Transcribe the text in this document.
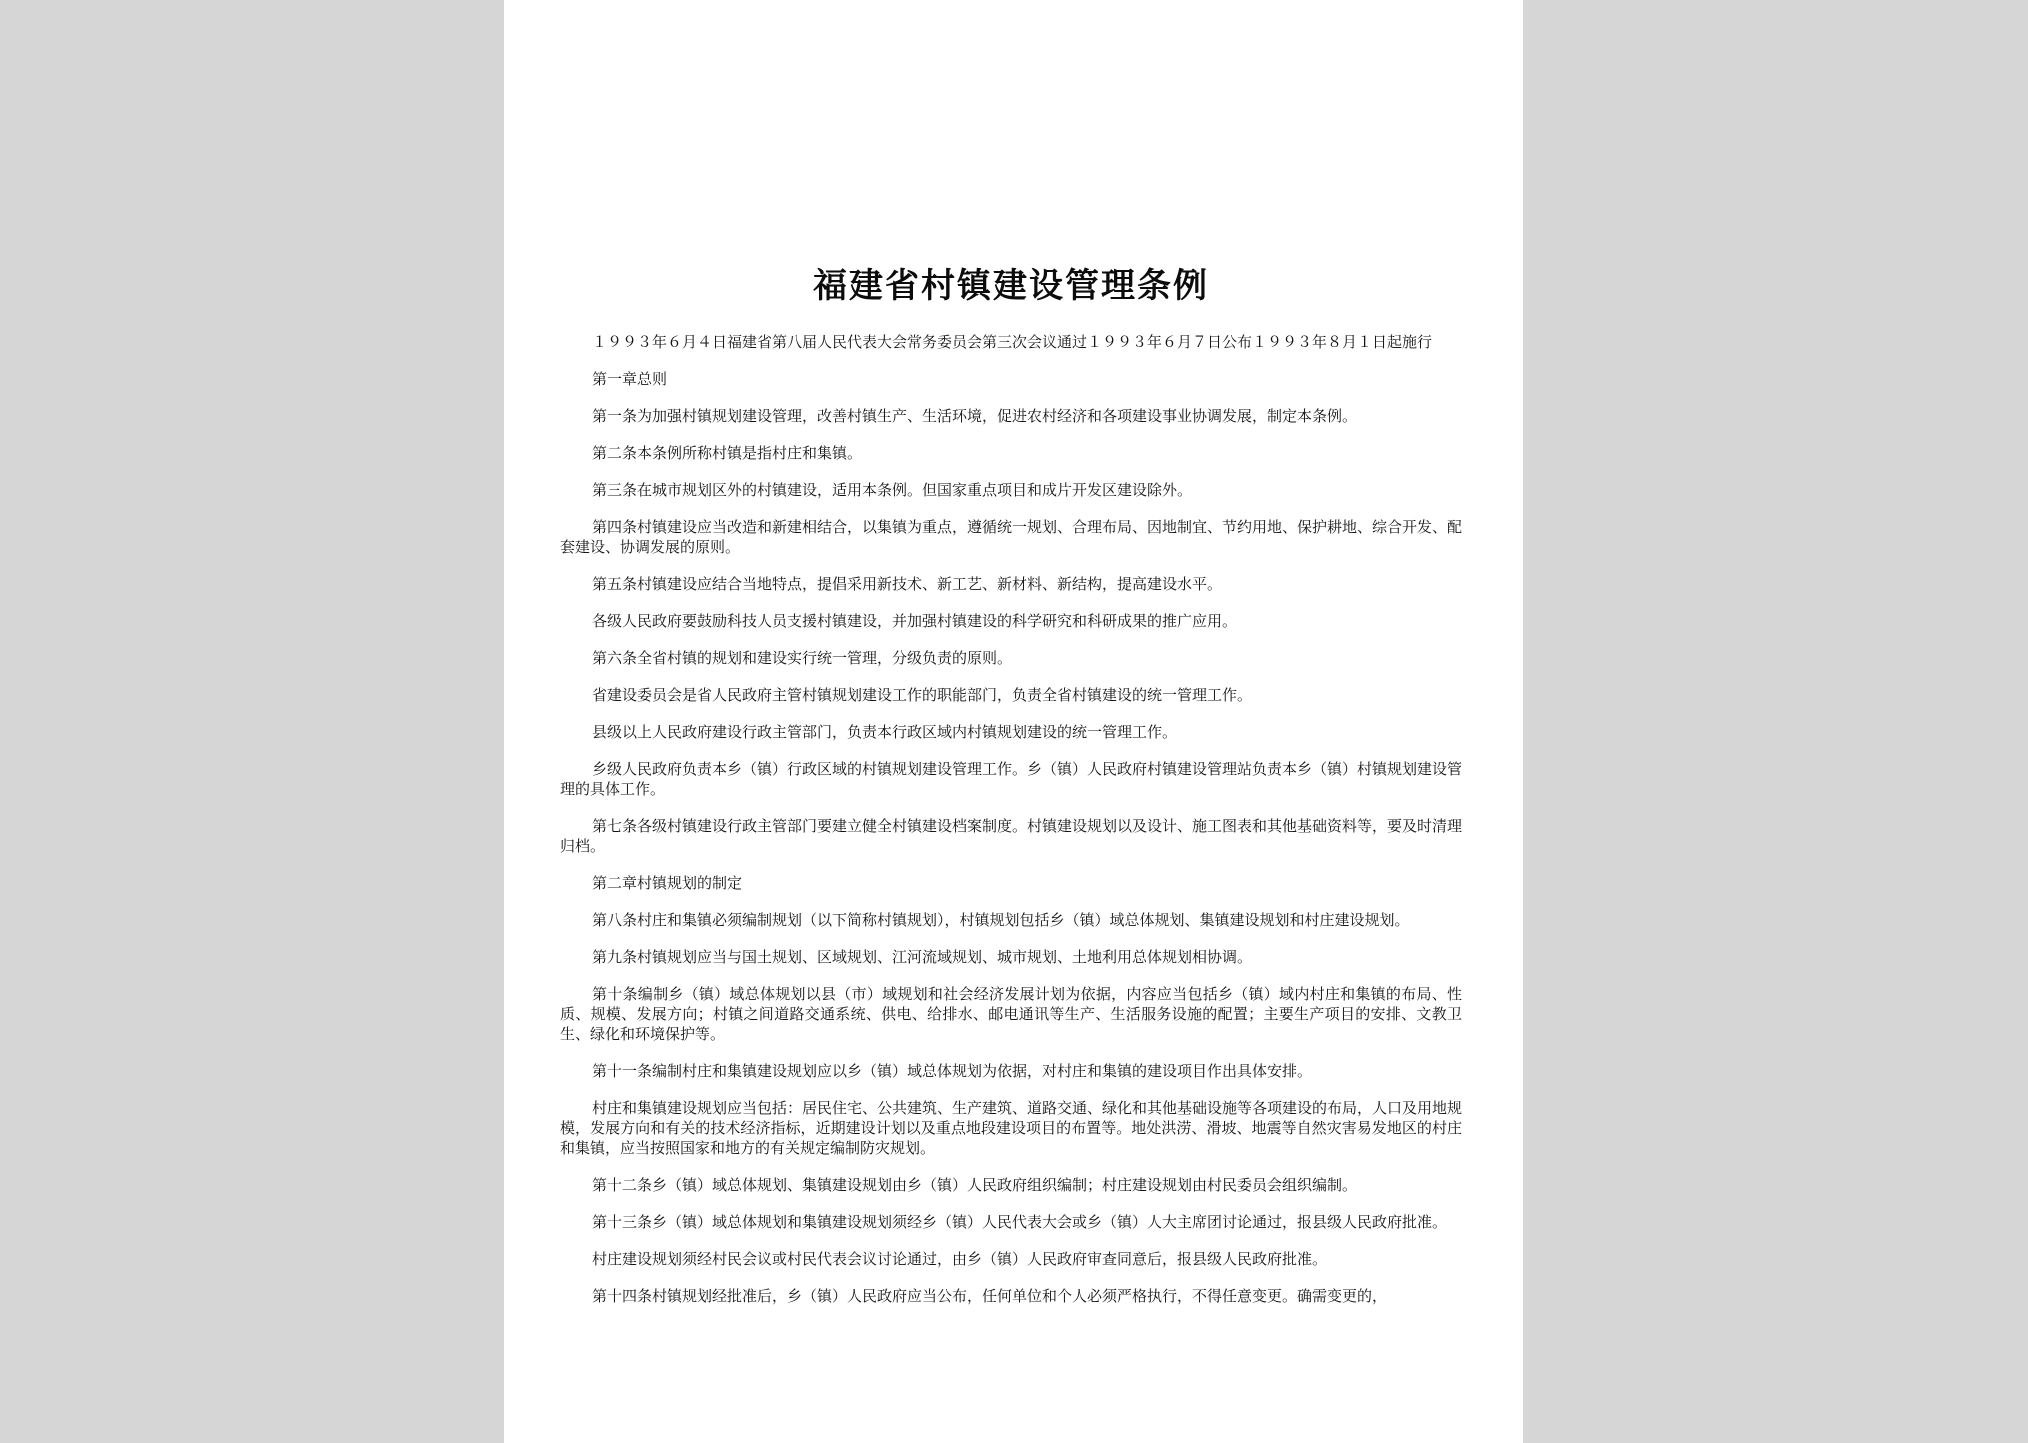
福建省村镇建设管理条例

１９９３年６月４日福建省第八届人民代表大会常务委员会第三次会议通过１９９３年６月７日公布１９９３年８月１日起施行

第一章总则

第一条为加强村镇规划建设管理，改善村镇生产、生活环境，促进农村经济和各项建设事业协调发展，制定本条例。

第二条本条例所称村镇是指村庄和集镇。

第三条在城市规划区外的村镇建设，适用本条例。但国家重点项目和成片开发区建设除外。

第四条村镇建设应当改造和新建相结合，以集镇为重点，遵循统一规划、合理布局、因地制宜、节约用地、保护耕地、综合开发、配套建设、协调发展的原则。

第五条村镇建设应结合当地特点，提倡采用新技术、新工艺、新材料、新结构，提高建设水平。

各级人民政府要鼓励科技人员支援村镇建设，并加强村镇建设的科学研究和科研成果的推广应用。

第六条全省村镇的规划和建设实行统一管理，分级负责的原则。

省建设委员会是省人民政府主管村镇规划建设工作的职能部门，负责全省村镇建设的统一管理工作。

县级以上人民政府建设行政主管部门，负责本行政区域内村镇规划建设的统一管理工作。

乡级人民政府负责本乡（镇）行政区域的村镇规划建设管理工作。乡（镇）人民政府村镇建设管理站负责本乡（镇）村镇规划建设管理的具体工作。

第七条各级村镇建设行政主管部门要建立健全村镇建设档案制度。村镇建设规划以及设计、施工图表和其他基础资料等，要及时清理归档。

第二章村镇规划的制定

第八条村庄和集镇必须编制规划（以下简称村镇规划），村镇规划包括乡（镇）域总体规划、集镇建设规划和村庄建设规划。

第九条村镇规划应当与国土规划、区域规划、江河流域规划、城市规划、土地利用总体规划相协调。

第十条编制乡（镇）域总体规划以县（市）域规划和社会经济发展计划为依据，内容应当包括乡（镇）域内村庄和集镇的布局、性质、规模、发展方向；村镇之间道路交通系统、供电、给排水、邮电通讯等生产、生活服务设施的配置；主要生产项目的安排、文教卫生、绿化和环境保护等。

第十一条编制村庄和集镇建设规划应以乡（镇）域总体规划为依据，对村庄和集镇的建设项目作出具体安排。

村庄和集镇建设规划应当包括：居民住宅、公共建筑、生产建筑、道路交通、绿化和其他基础设施等各项建设的布局，人口及用地规模，发展方向和有关的技术经济指标，近期建设计划以及重点地段建设项目的布置等。地处洪涝、滑坡、地震等自然灾害易发地区的村庄和集镇，应当按照国家和地方的有关规定编制防灾规划。

第十二条乡（镇）域总体规划、集镇建设规划由乡（镇）人民政府组织编制；村庄建设规划由村民委员会组织编制。

第十三条乡（镇）域总体规划和集镇建设规划须经乡（镇）人民代表大会或乡（镇）人大主席团讨论通过，报县级人民政府批准。

村庄建设规划须经村民会议或村民代表会议讨论通过，由乡（镇）人民政府审查同意后，报县级人民政府批准。

第十四条村镇规划经批准后，乡（镇）人民政府应当公布，任何单位和个人必须严格执行，不得任意变更。确需变更的，
